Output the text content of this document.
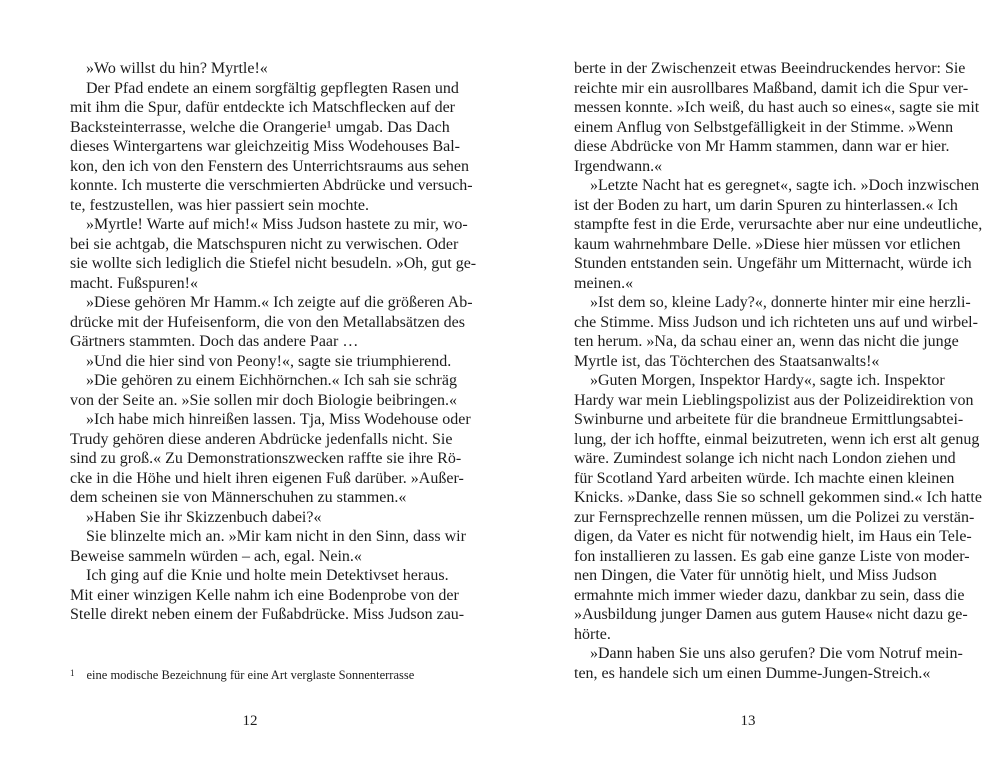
»Wo willst du hin? Myrtle!«
Der Pfad endete an einem sorgfältig gepflegten Rasen und
mit ihm die Spur, dafür entdeckte ich Matschflecken auf der
Backsteinterrasse, welche die Orangerie¹ umgab. Das Dach
dieses Wintergartens war gleichzeitig Miss Wodehouses Bal-
kon, den ich von den Fenstern des Unterrichtsraums aus sehen
konnte. Ich musterte die verschmierten Abdrücke und versuch-
te, festzustellen, was hier passiert sein mochte.
»Myrtle! Warte auf mich!« Miss Judson hastete zu mir, wo-
bei sie achtgab, die Matschspuren nicht zu verwischen. Oder
sie wollte sich lediglich die Stiefel nicht besudeln. »Oh, gut ge-
macht. Fußspuren!«
»Diese gehören Mr Hamm.« Ich zeigte auf die größeren Ab-
drücke mit der Hufeisenform, die von den Metallabsätzen des
Gärtners stammten. Doch das andere Paar …
»Und die hier sind von Peony!«, sagte sie triumphierend.
»Die gehören zu einem Eichhörnchen.« Ich sah sie schräg
von der Seite an. »Sie sollen mir doch Biologie beibringen.«
»Ich habe mich hinreißen lassen. Tja, Miss Wodehouse oder
Trudy gehören diese anderen Abdrücke jedenfalls nicht. Sie
sind zu groß.« Zu Demonstrationszwecken raffte sie ihre Rö-
cke in die Höhe und hielt ihren eigenen Fuß darüber. »Außer-
dem scheinen sie von Männerschuhen zu stammen.«
»Haben Sie ihr Skizzenbuch dabei?«
Sie blinzelte mich an. »Mir kam nicht in den Sinn, dass wir
Beweise sammeln würden – ach, egal. Nein.«
Ich ging auf die Knie und holte mein Detektivset heraus.
Mit einer winzigen Kelle nahm ich eine Bodenprobe von der
Stelle direkt neben einem der Fußabdrücke. Miss Judson zau-
$^1$ eine modische Bezeichnung für eine Art verglaste Sonnenterrasse
12
berte in der Zwischenzeit etwas Beeindruckendes hervor: Sie
reichte mir ein ausrollbares Maßband, damit ich die Spur ver-
messen konnte. »Ich weiß, du hast auch so eines«, sagte sie mit
einem Anflug von Selbstgefälligkeit in der Stimme. »Wenn
diese Abdrücke von Mr Hamm stammen, dann war er hier.
Irgendwann.«
»Letzte Nacht hat es geregnet«, sagte ich. »Doch inzwischen
ist der Boden zu hart, um darin Spuren zu hinterlassen.« Ich
stampfte fest in die Erde, verursachte aber nur eine undeutliche,
kaum wahrnehmbare Delle. »Diese hier müssen vor etlichen
Stunden entstanden sein. Ungefähr um Mitternacht, würde ich
meinen.«
»Ist dem so, kleine Lady?«, donnerte hinter mir eine herzli-
che Stimme. Miss Judson und ich richteten uns auf und wirbel-
ten herum. »Na, da schau einer an, wenn das nicht die junge
Myrtle ist, das Töchterchen des Staatsanwalts!«
»Guten Morgen, Inspektor Hardy«, sagte ich. Inspektor
Hardy war mein Lieblingspolizist aus der Polizeidirektion von
Swinburne und arbeitete für die brandneue Ermittlungsabtei-
lung, der ich hoffte, einmal beizutreten, wenn ich erst alt genug
wäre. Zumindest solange ich nicht nach London ziehen und
für Scotland Yard arbeiten würde. Ich machte einen kleinen
Knicks. »Danke, dass Sie so schnell gekommen sind.« Ich hatte
zur Fernsprechzelle rennen müssen, um die Polizei zu verstän-
digen, da Vater es nicht für notwendig hielt, im Haus ein Tele-
fon installieren zu lassen. Es gab eine ganze Liste von moder-
nen Dingen, die Vater für unnötig hielt, und Miss Judson
ermahnte mich immer wieder dazu, dankbar zu sein, dass die
»Ausbildung junger Damen aus gutem Hause« nicht dazu ge-
hörte.
»Dann haben Sie uns also gerufen? Die vom Notruf mein-
ten, es handele sich um einen Dumme-Jungen-Streich.«
13
